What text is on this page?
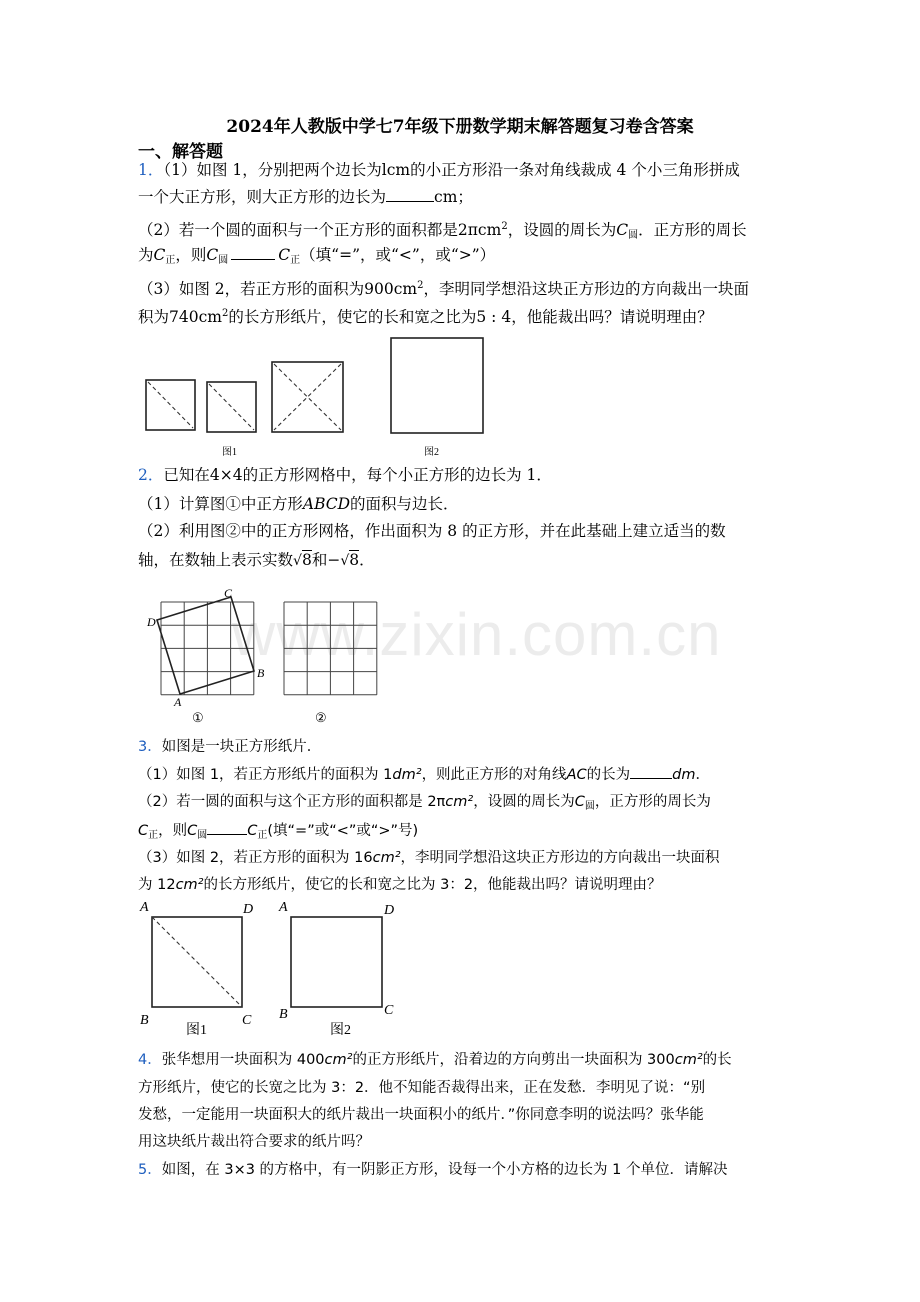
www.zixin.com.cn
2024年人教版中学七7年级下册数学期末解答题复习卷含答案
一、解答题
1．（1）如图 1，分别把两个边长为lcm的小正方形沿一条对角线裁成 4 个小三角形拼成
一个大正方形，则大正方形的边长为	cm；
（2）若一个圆的面积与一个正方形的面积都是2πcm$^2$，设圆的周长为$C_圆$．正方形的周长
为$C_正$，则$C_圆$	$C_正$（填“=”，或“<”，或“>”）
（3）如图 2，若正方形的面积为$900cm^2$，李明同学想沿这块正方形边的方向裁出一块面
积为$740cm^2$的长方形纸片，使它的长和宽之比为5 : 4，他能裁出吗？请说明理由？
图1	图2
2．已知在4×4的正方形网格中，每个小正方形的边长为 1．
（1）计算图①中正方形ABCD的面积与边长．
（2）利用图②中的正方形网格，作出面积为 8 的正方形，并在此基础上建立适当的数
轴，在数轴上表示实数√8和−√8．
A
B
C
D
①	②
3．如图是一块正方形纸片．
（1）如图 1，若正方形纸片的面积为 1dm²，则此正方形的对角线AC的长为	dm．
（2）若一圆的面积与这个正方形的面积都是 2πcm²，设圆的周长为$C_圆$，正方形的周长为
$C_正$，则$C_圆$	$C_正$(填“=”或“<”或“>”号)
（3）如图 2，若正方形的面积为 16cm²，李明同学想沿这块正方形边的方向裁出一块面积
为 12cm²的长方形纸片，使它的长和宽之比为 3：2，他能裁出吗？请说明理由？
A	D
B	C
A	D
B	C
图1	图2
4．张华想用一块面积为 400cm²的正方形纸片，沿着边的方向剪出一块面积为 300cm²的长
方形纸片，使它的长宽之比为 3：2．他不知能否裁得出来，正在发愁．李明见了说：“别
发愁，一定能用一块面积大的纸片裁出一块面积小的纸片．”你同意李明的说法吗？张华能
用这块纸片裁出符合要求的纸片吗？
5．如图，在 3×3 的方格中，有一阴影正方形，设每一个小方格的边长为 1 个单位．请解决
